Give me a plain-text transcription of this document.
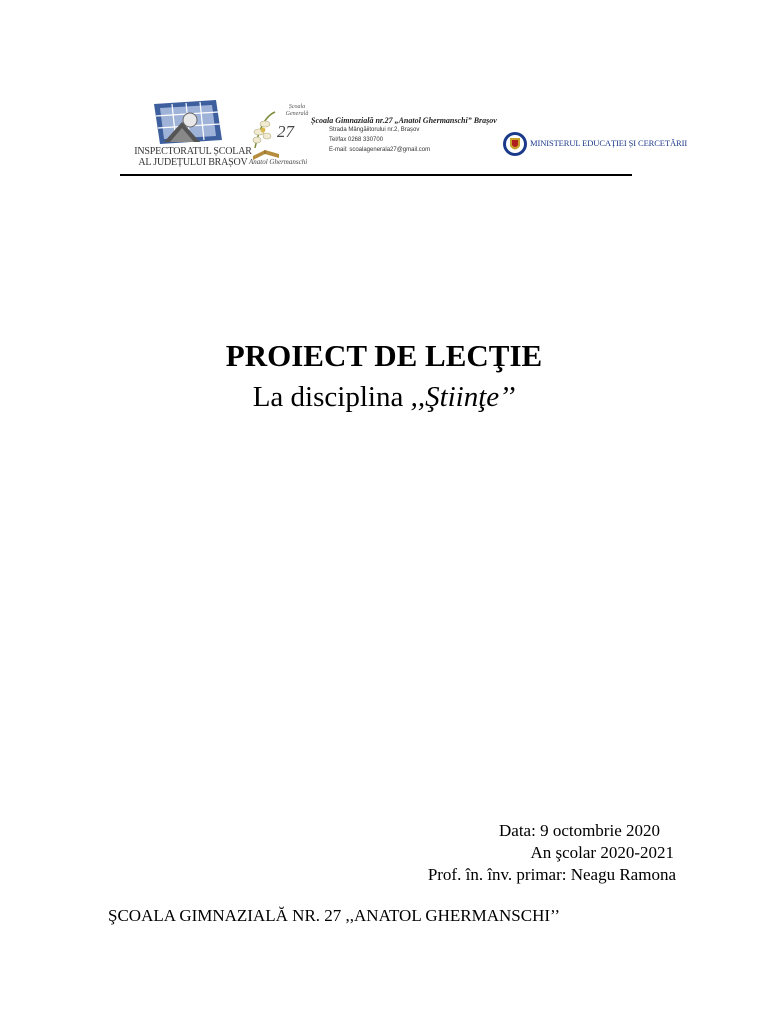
INSPECTORATUL ȘCOLAR
AL JUDEȚULUI BRAȘOV
Școala Generală
27
Anatol Ghermanschi
Școala Gimnazială nr.27 „Anatol Ghermanschi” Brașov
Strada Mângăiitorului nr.2, Brașov
Tel/fax 0268 330700
E-mail: scoalagenerala27@gmail.com
MINISTERUL EDUCAȚIEI ȘI CERCETĂRII
PROIECT DE LECŢIE
La disciplina ,,Ştiinţe’’
Data: 9 octombrie 2020
An şcolar 2020-2021
Prof. în. înv. primar: Neagu Ramona
ŞCOALA GIMNAZIALĂ NR. 27 ,,ANATOL GHERMANSCHI’’
